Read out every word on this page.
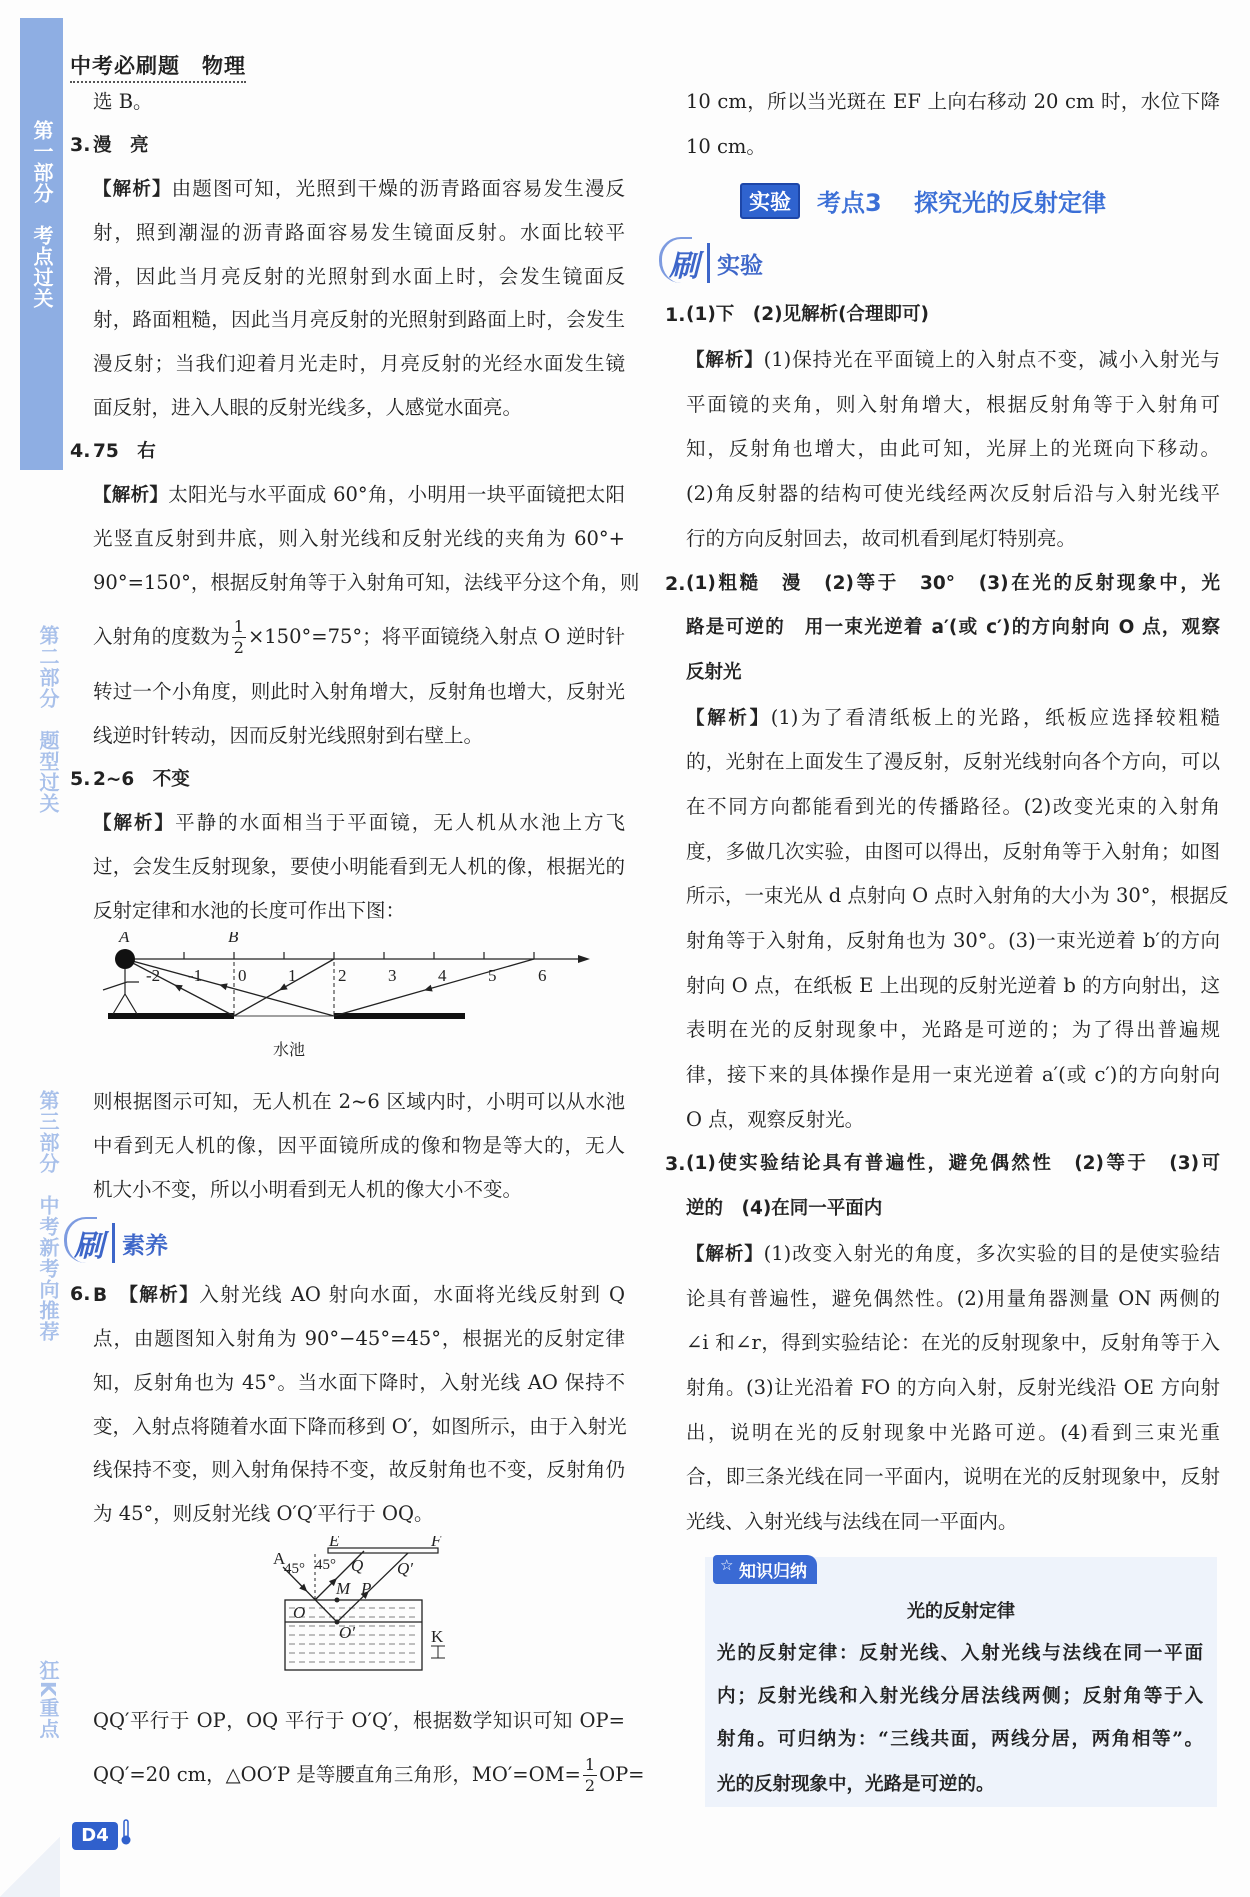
第一部分　考点过关
第二部分　题型过关
第三部分　中考新考向推荐
狂K重点
中考必刷题　物理
选 B。
3. 漫　亮
【解析】由题图可知，光照到干燥的沥青路面容易发生漫反
射，照到潮湿的沥青路面容易发生镜面反射。水面比较平
滑，因此当月亮反射的光照射到水面上时，会发生镜面反
射，路面粗糙，因此当月亮反射的光照射到路面上时，会发生
漫反射；当我们迎着月光走时，月亮反射的光经水面发生镜
面反射，进入人眼的反射光线多，人感觉水面亮。
4. 75　右
【解析】太阳光与水平面成 60°角，小明用一块平面镜把太阳
光竖直反射到井底，则入射光线和反射光线的夹角为 60°+
90°=150°，根据反射角等于入射角可知，法线平分这个角，则
入射角的度数为 $\frac{1}{2} \times 150^\circ=75^\circ$；将平面镜绕入射点 O 逆时针
转过一个小角度，则此时入射角增大，反射角也增大，反射光
线逆时针转动，因而反射光线照射到右壁上。
5. 2~6　不变
【解析】平静的水面相当于平面镜，无人机从水池上方飞
过，会发生反射现象，要使小明能看到无人机的像，根据光的
反射定律和水池的长度可作出下图：
-2 -1 0 1 2 3 4 5 6
A	B
水池
则根据图示可知，无人机在 2~6 区域内时，小明可以从水池
中看到无人机的像，因平面镜所成的像和物是等大的，无人
机大小不变，所以小明看到无人机的像大小不变。
刷 素养
6. B　【解析】入射光线 AO 射向水面，水面将光线反射到 Q
点，由题图知入射角为 90°−45°=45°，根据光的反射定律
知，反射角也为 45°。当水面下降时，入射光线 AO 保持不
变，入射点将随着水面下降而移到 O′，如图所示，由于入射光
线保持不变，则入射角保持不变，故反射角也不变，反射角仍
为 45°，则反射光线 O′Q′平行于 OQ。
A
E	F
45° 45° Q Q′
M P
O
O′	K
QQ′平行于 OP，OQ 平行于 O′Q′，根据数学知识可知 OP=
QQ′=20 cm，△OO′P 是等腰直角三角形，$MO'=OM= \frac{1}{2} OP=$
10 cm，所以当光斑在 EF 上向右移动 20 cm 时，水位下降
10 cm。
实验	考点3　 探究光的反射定律
刷 实验
1. (1)下　(2)见解析(合理即可)
【解析】(1)保持光在平面镜上的入射点不变，减小入射光与
平面镜的夹角，则入射角增大，根据反射角等于入射角可
知，反射角也增大，由此可知，光屏上的光斑向下移动。
(2)角反射器的结构可使光线经两次反射后沿与入射光线平
行的方向反射回去，故司机看到尾灯特别亮。
2. (1)粗糙　漫　(2)等于　30°　(3)在光的反射现象中，光
路是可逆的　用一束光逆着 a′(或 c′)的方向射向 O 点，观察
反射光
【解析】(1)为了看清纸板上的光路，纸板应选择较粗糙
的，光射在上面发生了漫反射，反射光线射向各个方向，可以
在不同方向都能看到光的传播路径。(2)改变光束的入射角
度，多做几次实验，由图可以得出，反射角等于入射角；如图
所示，一束光从 d 点射向 O 点时入射角的大小为 30°，根据反
射角等于入射角，反射角也为 30°。(3)一束光逆着 b′的方向
射向 O 点，在纸板 E 上出现的反射光逆着 b 的方向射出，这
表明在光的反射现象中，光路是可逆的；为了得出普遍规
律，接下来的具体操作是用一束光逆着 a′(或 c′)的方向射向
O 点，观察反射光。
3. (1)使实验结论具有普遍性，避免偶然性　(2)等于　(3)可
逆的　(4)在同一平面内
【解析】(1)改变入射光的角度，多次实验的目的是使实验结
论具有普遍性，避免偶然性。(2)用量角器测量 ON 两侧的
∠i 和∠r，得到实验结论：在光的反射现象中，反射角等于入
射角。(3)让光沿着 FO 的方向入射，反射光线沿 OE 方向射
出，说明在光的反射现象中光路可逆。(4)看到三束光重
合，即三条光线在同一平面内，说明在光的反射现象中，反射
光线、入射光线与法线在同一平面内。
☆ 知识归纳
光的反射定律
光的反射定律：反射光线、入射光线与法线在同一平面
内；反射光线和入射光线分居法线两侧；反射角等于入
射角。可归纳为：“三线共面，两线分居，两角相等”。
光的反射现象中，光路是可逆的。
D4
